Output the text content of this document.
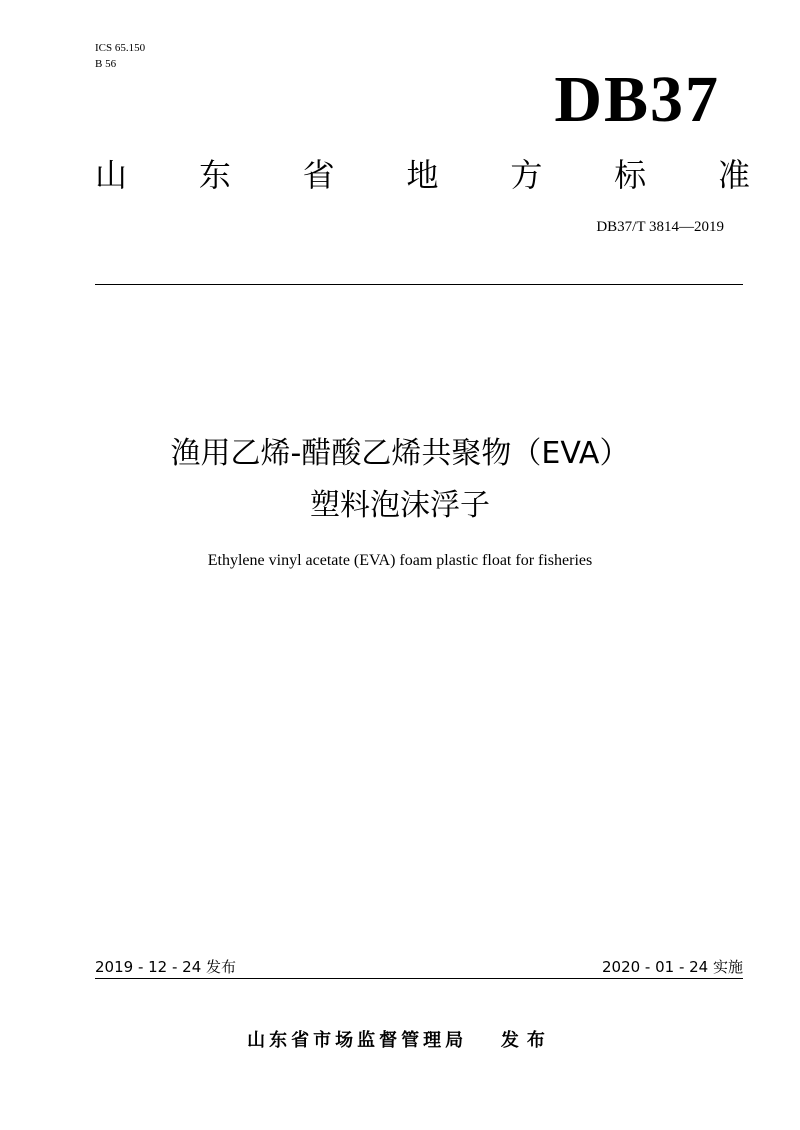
ICS 65.150
B 56	DB37
山 东 省 地 方 标 准
DB37/T 3814—2019
渔用乙烯-醋酸乙烯共聚物（EVA）
塑料泡沫浮子
Ethylene vinyl acetate (EVA) foam plastic float for fisheries
2019 - 12 - 24 发布	2020 - 01 - 24 实施
山东省市场监督管理局 发布
